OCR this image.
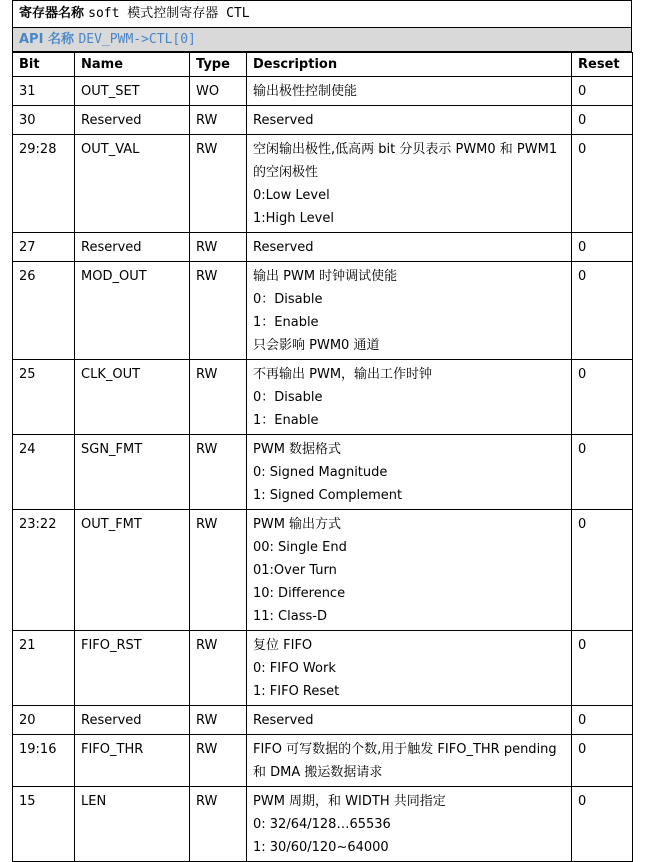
寄存器名称 soft 模式控制寄存器 CTL
API 名称 DEV_PWM->CTL[0]
Bit	Name	Type	Description	Reset
31	OUT_SET	WO	输出极性控制使能	0
30	Reserved	RW	Reserved	0
29:28	OUT_VAL	RW	空闲输出极性,低高两 bit 分贝表示 PWM0 和 PWM1
的空闲极性
0:Low Level
1:High Level	0
27	Reserved	RW	Reserved	0
26	MOD_OUT	RW	输出 PWM 时钟调试使能
0：Disable
1：Enable
只会影响 PWM0 通道	0
25	CLK_OUT	RW	不再输出 PWM，输出工作时钟
0：Disable
1：Enable	0
24	SGN_FMT	RW	PWM 数据格式
0: Signed Magnitude
1: Signed Complement	0
23:22	OUT_FMT	RW	PWM 输出方式
00: Single End
01:Over Turn
10: Difference
11: Class-D	0
21	FIFO_RST	RW	复位 FIFO
0: FIFO Work
1: FIFO Reset	0
20	Reserved	RW	Reserved	0
19:16	FIFO_THR	RW	FIFO 可写数据的个数,用于触发 FIFO_THR pending
和 DMA 搬运数据请求	0
15	LEN	RW	PWM 周期，和 WIDTH 共同指定
0: 32/64/128…65536
1: 30/60/120~64000	0
